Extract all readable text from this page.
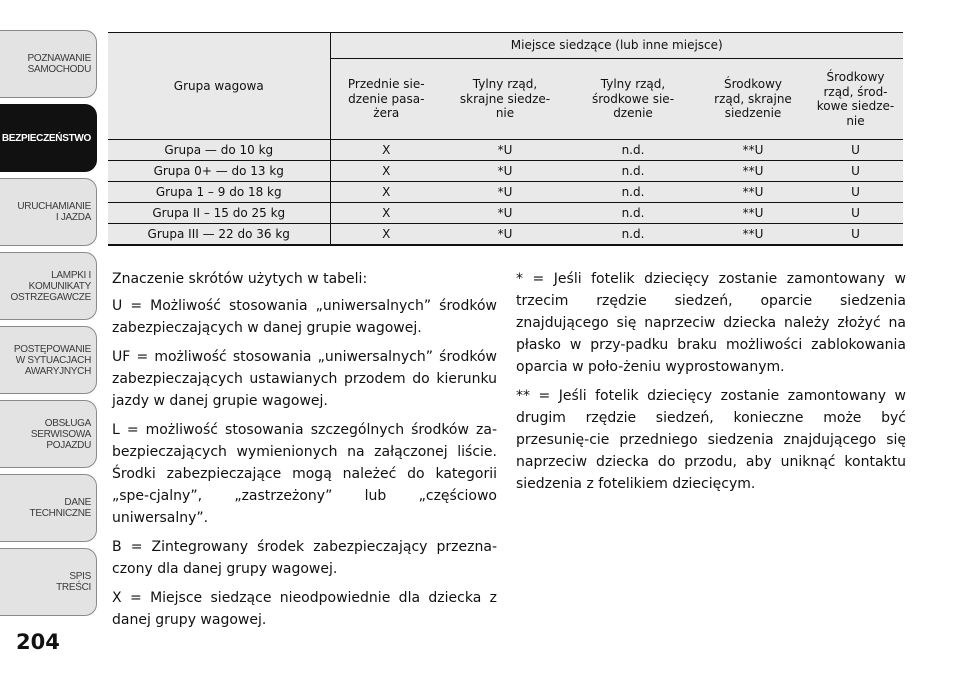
POZNAWANIE
SAMOCHODU
BEZPIECZEŃSTWO
URUCHAMIANIE
I JAZDA
LAMPKI I
KOMUNIKATY
OSTRZEGAWCZE
POSTĘPOWANIE
W SYTUACJACH
AWARYJNYCH
OBSŁUGA
SERWISOWA
POJAZDU
DANE
TECHNICZNE
SPIS
TREŚCI
204
Grupa wagowa	Miejsce siedzące (lub inne miejsce)				
	Przednie sie-
dzenie pasa-
żera	Tylny rząd,
skrajne siedze-
nie	Tylny rząd,
środkowe sie-
dzenie	Środkowy
rząd, skrajne
siedzenie	Środkowy
rząd, środ-
kowe siedze-
nie
Grupa — do 10 kg	X	*U	n.d.	**U	U
Grupa 0+ — do 13 kg	X	*U	n.d.	**U	U
Grupa 1 – 9 do 18 kg	X	*U	n.d.	**U	U
Grupa II – 15 do 25 kg	X	*U	n.d.	**U	U
Grupa III — 22 do 36 kg	X	*U	n.d.	**U	U

Znaczenie skrótów użytych w tabeli:

U = Możliwość stosowania „uniwersalnych” środków zabezpieczających w danej grupie wagowej.

UF = możliwość stosowania „uniwersalnych” środków zabezpieczających ustawianych przodem do kierunku jazdy w danej grupie wagowej.

L = możliwość stosowania szczególnych środków za-bezpieczających wymienionych na załączonej liście. Środki zabezpieczające mogą należeć do kategorii „spe-cjalny”, „zastrzeżony” lub „częściowo uniwersalny”.

B = Zintegrowany środek zabezpieczający przezna-czony dla danej grupy wagowej.

X = Miejsce siedzące nieodpowiednie dla dziecka z danej grupy wagowej.

* = Jeśli fotelik dziecięcy zostanie zamontowany w trzecim rzędzie siedzeń, oparcie siedzenia znajdującego się naprzeciw dziecka należy złożyć na płasko w przy-padku braku możliwości zablokowania oparcia w poło-żeniu wyprostowanym.

** = Jeśli fotelik dziecięcy zostanie zamontowany w drugim rzędzie siedzeń, konieczne może być przesunię-cie przedniego siedzenia znajdującego się naprzeciw dziecka do przodu, aby uniknąć kontaktu siedzenia z fotelikiem dziecięcym.
